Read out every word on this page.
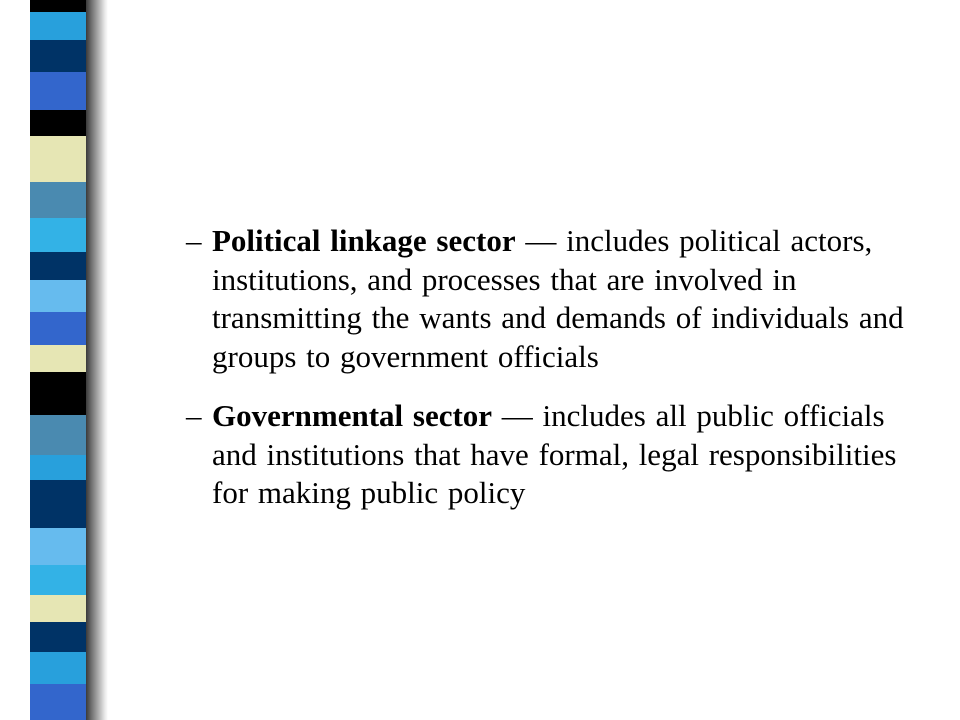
– Political linkage sector — includes political actors, institutions, and processes that are involved in transmitting the wants and demands of individuals and groups to government officials
– Governmental sector — includes all public officials and institutions that have formal, legal responsibilities for making public policy
